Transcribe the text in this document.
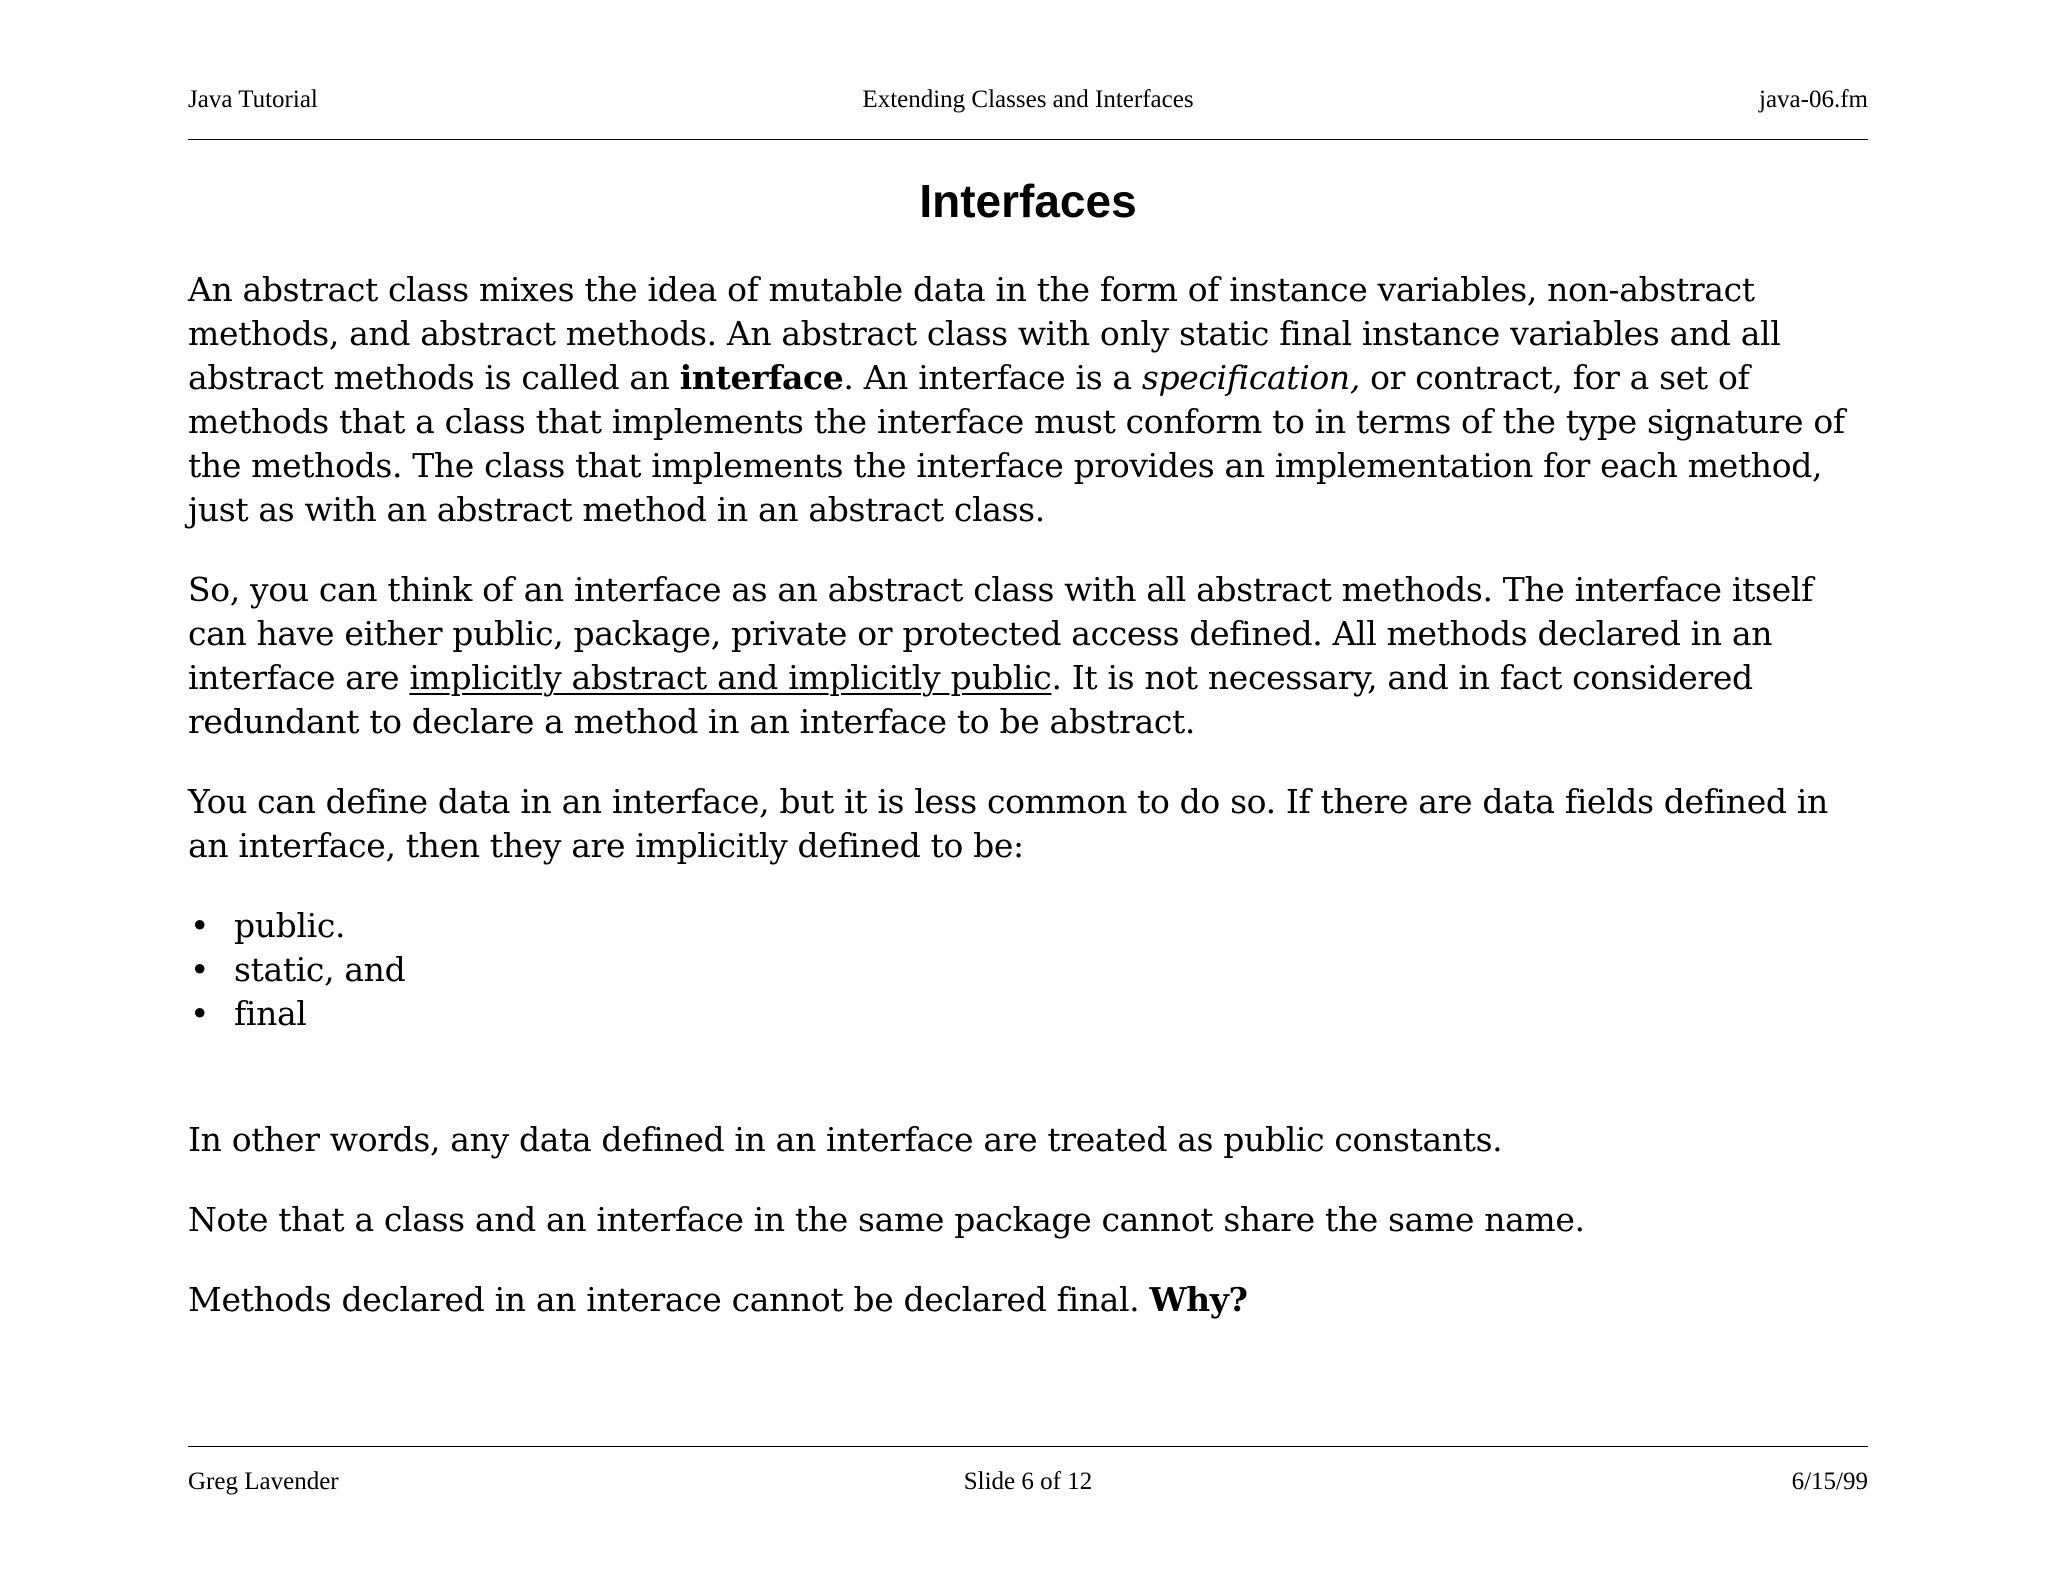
Extending Classes and Interfaces
Java Tutorial	java-06.fm
Interfaces

An abstract class mixes the idea of mutable data in the form of instance variables, non-abstract methods, and abstract methods. An abstract class with only static final instance variables and all abstract methods is called an interface. An interface is a specification, or contract, for a set of methods that a class that implements the interface must conform to in terms of the type signature of the methods. The class that implements the interface provides an implementation for each method, just as with an abstract method in an abstract class.

So, you can think of an interface as an abstract class with all abstract methods. The interface itself can have either public, package, private or protected access defined. All methods declared in an interface are implicitly abstract and implicitly public. It is not necessary, and in fact considered redundant to declare a method in an interface to be abstract.

You can define data in an interface, but it is less common to do so. If there are data fields defined in an interface, then they are implicitly defined to be:

• public.
• static, and
• final

In other words, any data defined in an interface are treated as public constants.

Note that a class and an interface in the same package cannot share the same name.

Methods declared in an interace cannot be declared final. Why?

Slide 6 of 12
Greg Lavender	6/15/99
